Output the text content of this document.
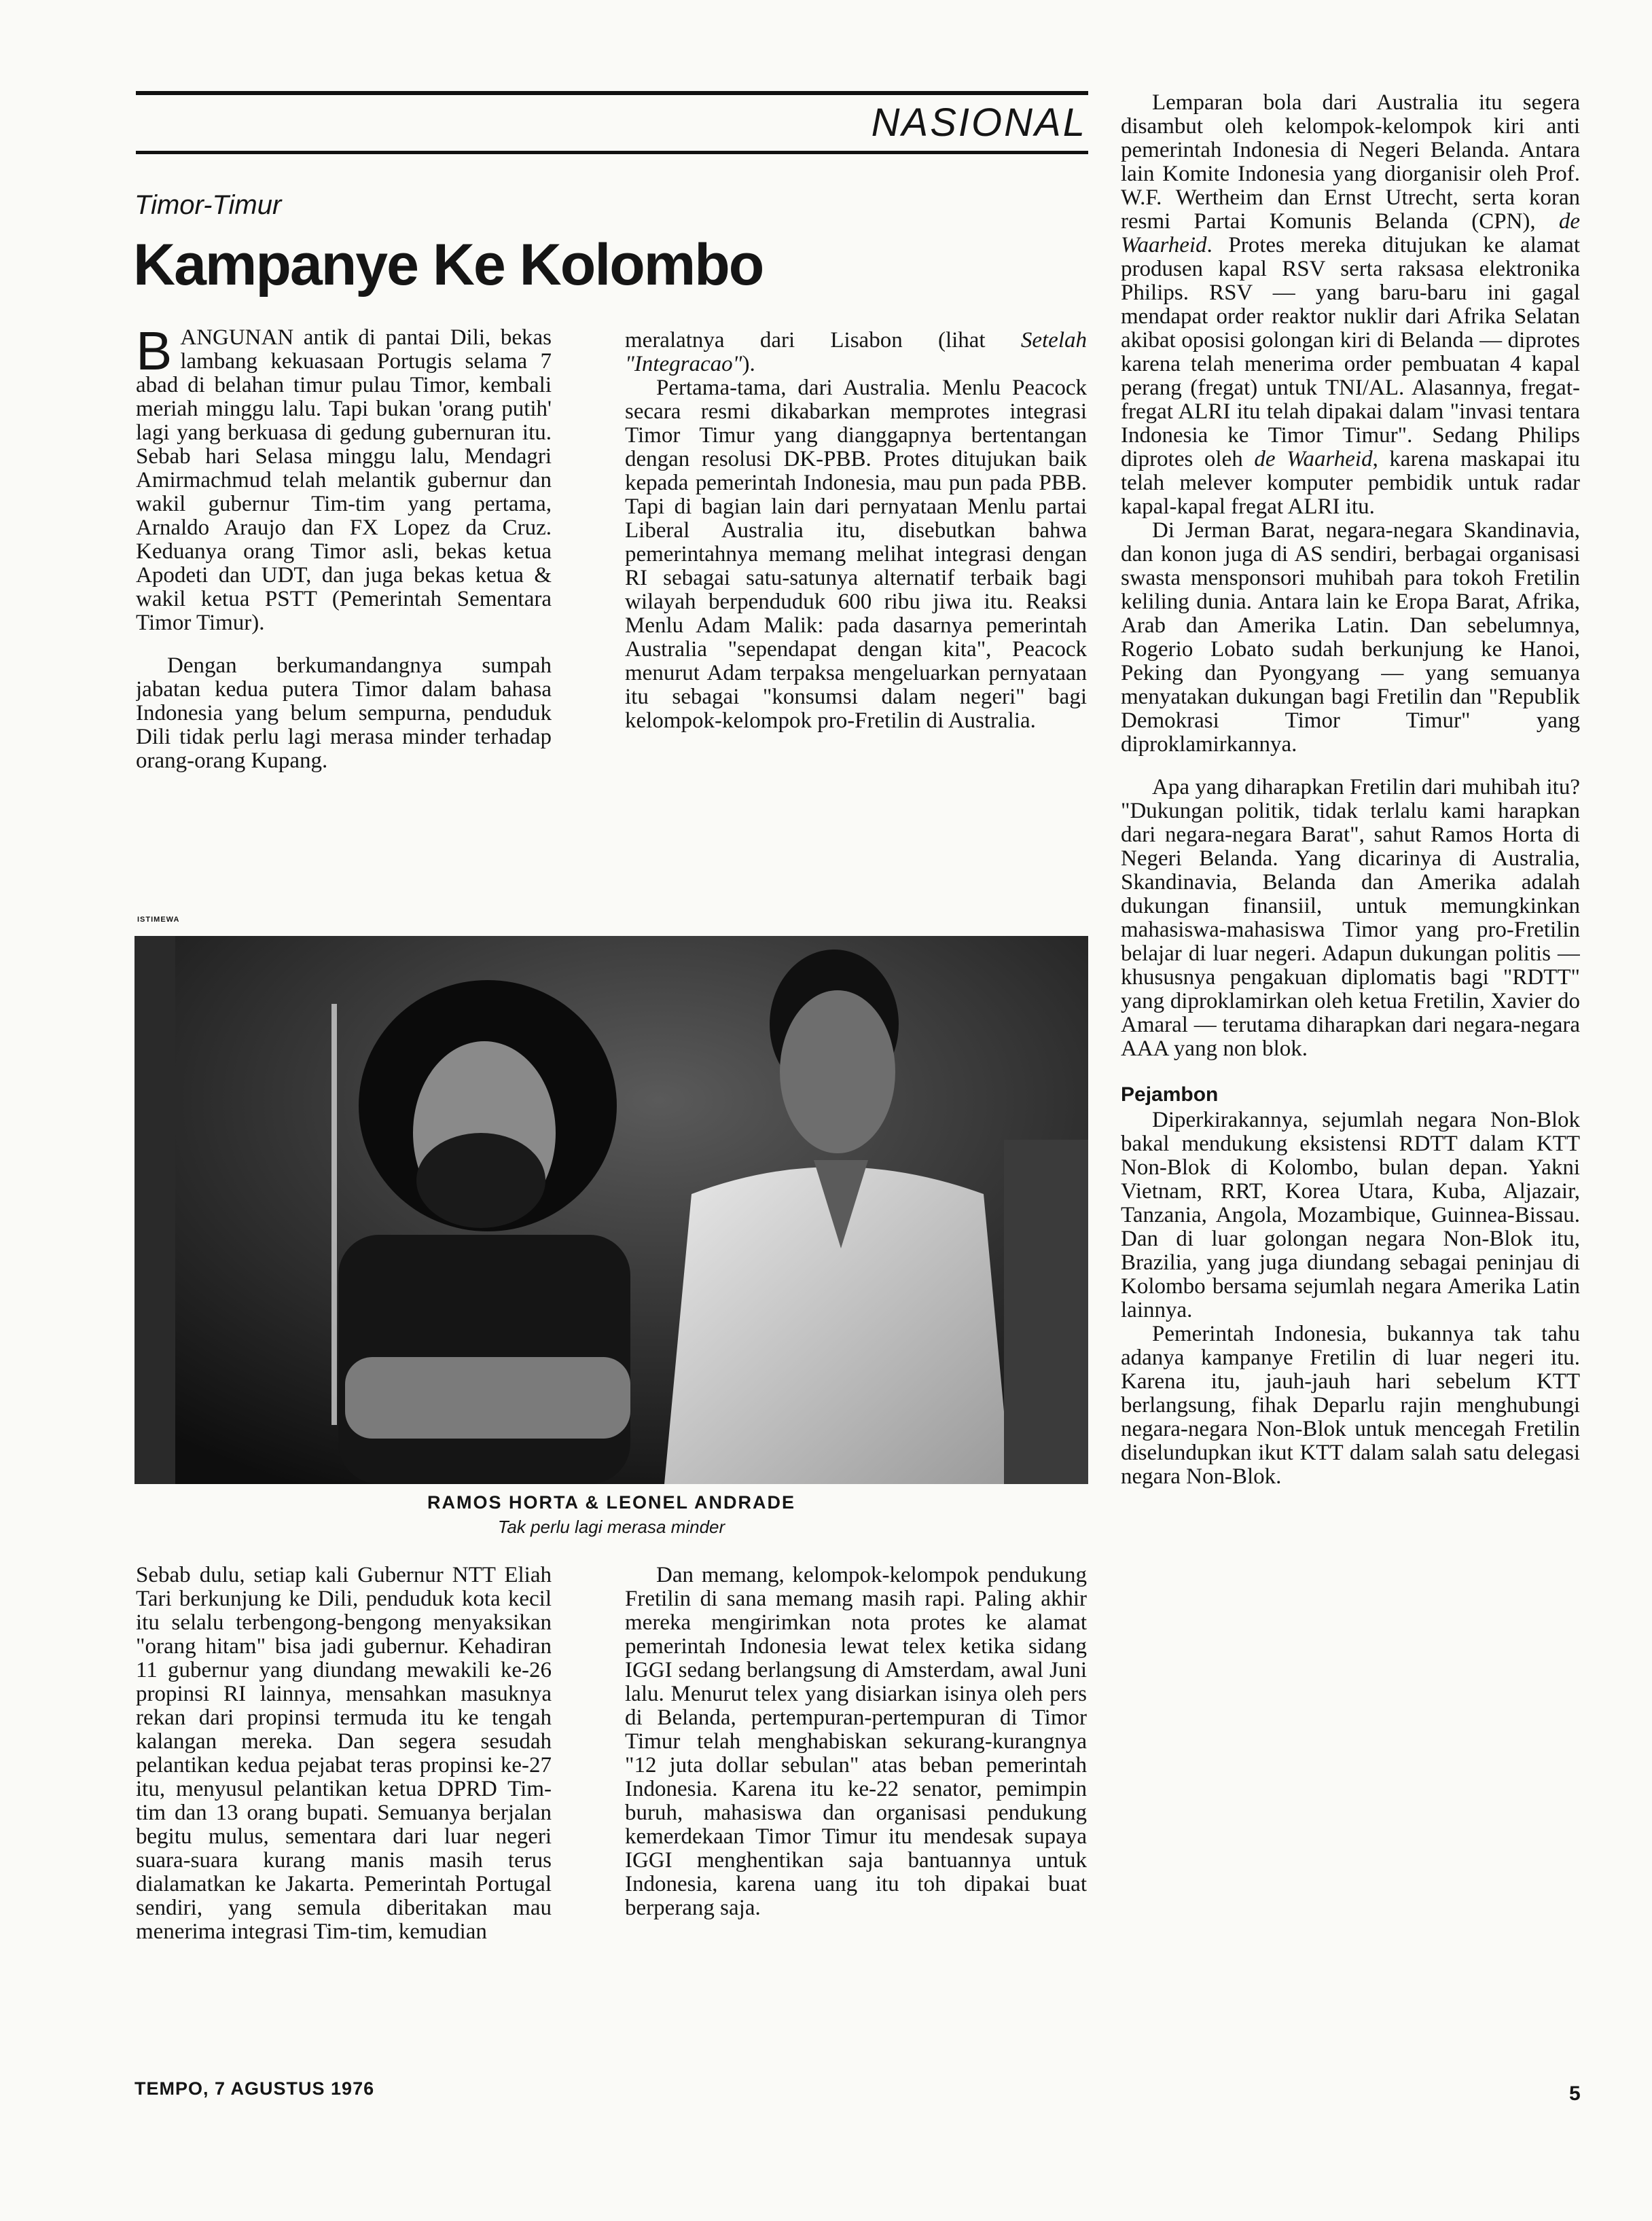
NASIONAL
Timor-Timur
Kampanye Ke Kolombo

BANGUNAN antik di pantai Dili, bekas lambang kekuasaan Portugis selama 7 abad di belahan timur pulau Timor, kembali meriah minggu lalu. Tapi bukan 'orang putih' lagi yang berkuasa di gedung gubernuran itu. Sebab hari Selasa minggu lalu, Mendagri Amirmachmud telah melantik gubernur dan wakil gubernur Tim-tim yang pertama, Arnaldo Araujo dan FX Lopez da Cruz. Keduanya orang Timor asli, bekas ketua Apodeti dan UDT, dan juga bekas ketua & wakil ketua PSTT (Pemerintah Sementara Timor Timur).

Dengan berkumandangnya sumpah jabatan kedua putera Timor dalam bahasa Indonesia yang belum sempurna, penduduk Dili tidak perlu lagi merasa minder terhadap orang-orang Kupang.

meralatnya dari Lisabon (lihat Setelah "Integracao").

Pertama-tama, dari Australia. Menlu Peacock secara resmi dikabarkan memprotes integrasi Timor Timur yang dianggapnya bertentangan dengan resolusi DK-PBB. Protes ditujukan baik kepada pemerintah Indonesia, mau pun pada PBB. Tapi di bagian lain dari pernyataan Menlu partai Liberal Australia itu, disebutkan bahwa pemerintahnya memang melihat integrasi dengan RI sebagai satu-satunya alternatif terbaik bagi wilayah berpenduduk 600 ribu jiwa itu. Reaksi Menlu Adam Malik: pada dasarnya pemerintah Australia "sependapat dengan kita", Peacock menurut Adam terpaksa mengeluarkan pernyataan itu sebagai "konsumsi dalam negeri" bagi kelompok-kelompok pro-Fretilin di Australia.

Lemparan bola dari Australia itu segera disambut oleh kelompok-kelompok kiri anti pemerintah Indonesia di Negeri Belanda. Antara lain Komite Indonesia yang diorganisir oleh Prof. W.F. Wertheim dan Ernst Utrecht, serta koran resmi Partai Komunis Belanda (CPN), de Waarheid. Protes mereka ditujukan ke alamat produsen kapal RSV serta raksasa elektronika Philips. RSV — yang baru-baru ini gagal mendapat order reaktor nuklir dari Afrika Selatan akibat oposisi golongan kiri di Belanda — diprotes karena telah menerima order pembuatan 4 kapal perang (fregat) untuk TNI/AL. Alasannya, fregat-fregat ALRI itu telah dipakai dalam "invasi tentara Indonesia ke Timor Timur". Sedang Philips diprotes oleh de Waarheid, karena maskapai itu telah melever komputer pembidik untuk radar kapal-kapal fregat ALRI itu.

Di Jerman Barat, negara-negara Skandinavia, dan konon juga di AS sendiri, berbagai organisasi swasta mensponsori muhibah para tokoh Fretilin keliling dunia. Antara lain ke Eropa Barat, Afrika, Arab dan Amerika Latin. Dan sebelumnya, Rogerio Lobato sudah berkunjung ke Hanoi, Peking dan Pyongyang — yang semuanya menyatakan dukungan bagi Fretilin dan "Republik Demokrasi Timor Timur" yang diproklamirkannya.

Apa yang diharapkan Fretilin dari muhibah itu? "Dukungan politik, tidak terlalu kami harapkan dari negara-negara Barat", sahut Ramos Horta di Negeri Belanda. Yang dicarinya di Australia, Skandinavia, Belanda dan Amerika adalah dukungan finansiil, untuk memungkinkan mahasiswa-mahasiswa Timor yang pro-Fretilin belajar di luar negeri. Adapun dukungan politis — khususnya pengakuan diplomatis bagi "RDTT" yang diproklamirkan oleh ketua Fretilin, Xavier do Amaral — terutama diharapkan dari negara-negara AAA yang non blok.

Pejambon

Diperkirakannya, sejumlah negara Non-Blok bakal mendukung eksistensi RDTT dalam KTT Non-Blok di Kolombo, bulan depan. Yakni Vietnam, RRT, Korea Utara, Kuba, Aljazair, Tanzania, Angola, Mozambique, Guinnea-Bissau. Dan di luar golongan negara Non-Blok itu, Brazilia, yang juga diundang sebagai peninjau di Kolombo bersama sejumlah negara Amerika Latin lainnya.

Pemerintah Indonesia, bukannya tak tahu adanya kampanye Fretilin di luar negeri itu. Karena itu, jauh-jauh hari sebelum KTT berlangsung, fihak Deparlu rajin menghubungi negara-negara Non-Blok untuk mencegah Fretilin diselundupkan ikut KTT dalam salah satu delegasi negara Non-Blok.

ISTIMEWA
RAMOS HORTA & LEONEL ANDRADE
Tak perlu lagi merasa minder

Sebab dulu, setiap kali Gubernur NTT Eliah Tari berkunjung ke Dili, penduduk kota kecil itu selalu terbengong-bengong menyaksikan "orang hitam" bisa jadi gubernur. Kehadiran 11 gubernur yang diundang mewakili ke-26 propinsi RI lainnya, mensahkan masuknya rekan dari propinsi termuda itu ke tengah kalangan mereka. Dan segera sesudah pelantikan kedua pejabat teras propinsi ke-27 itu, menyusul pelantikan ketua DPRD Tim-tim dan 13 orang bupati. Semuanya berjalan begitu mulus, sementara dari luar negeri suara-suara kurang manis masih terus dialamatkan ke Jakarta. Pemerintah Portugal sendiri, yang semula diberitakan mau menerima integrasi Tim-tim, kemudian

Dan memang, kelompok-kelompok pendukung Fretilin di sana memang masih rapi. Paling akhir mereka mengirimkan nota protes ke alamat pemerintah Indonesia lewat telex ketika sidang IGGI sedang berlangsung di Amsterdam, awal Juni lalu. Menurut telex yang disiarkan isinya oleh pers di Belanda, pertempuran-pertempuran di Timor Timur telah menghabiskan sekurang-kurangnya "12 juta dollar sebulan" atas beban pemerintah Indonesia. Karena itu ke-22 senator, pemimpin buruh, mahasiswa dan organisasi pendukung kemerdekaan Timor Timur itu mendesak supaya IGGI menghentikan saja bantuannya untuk Indonesia, karena uang itu toh dipakai buat berperang saja.

TEMPO, 7 AGUSTUS 1976	5
